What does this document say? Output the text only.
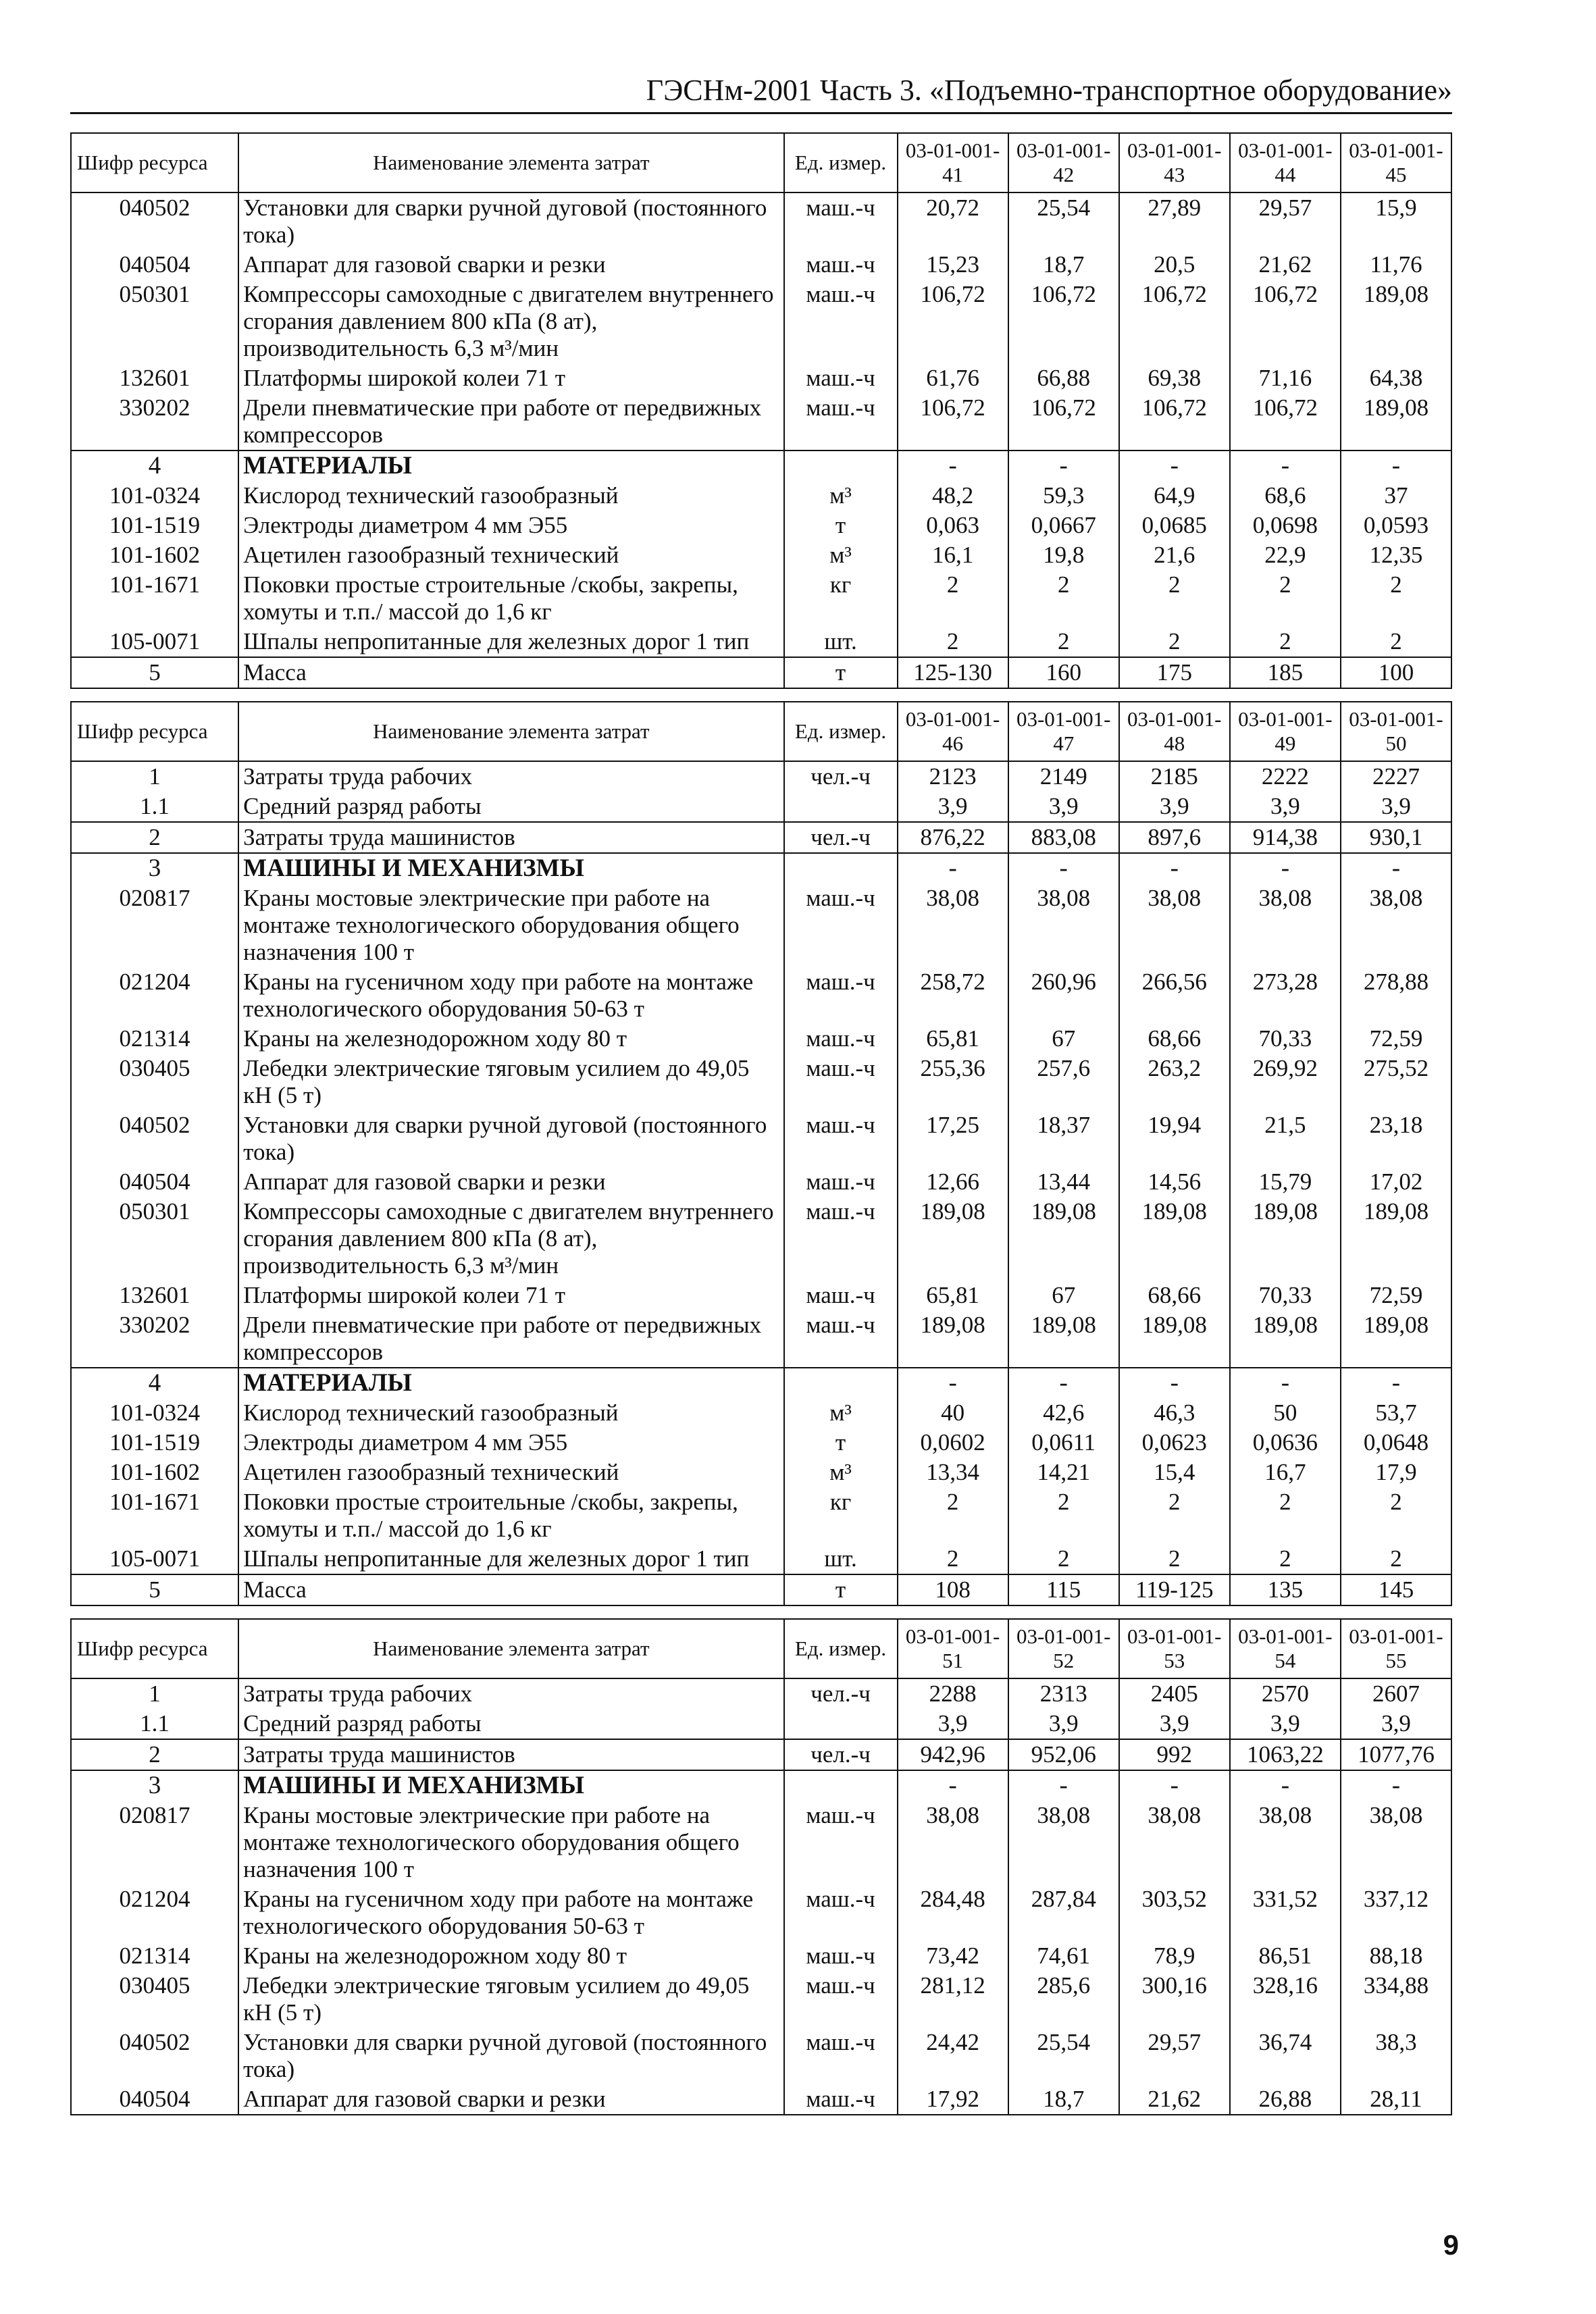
ГЭСНм-2001 Часть 3. «Подъемно-транспортное оборудование»
Шифр ресурса	Наименование элемента затрат	Ед. измер.	03-01-001-41	03-01-001-42	03-01-001-43	03-01-001-44	03-01-001-45
040502	Установки для сварки ручной дуговой (постоянного тока)	маш.-ч	20,72	25,54	27,89	29,57	15,9
040504	Аппарат для газовой сварки и резки	маш.-ч	15,23	18,7	20,5	21,62	11,76
050301	Компрессоры самоходные с двигателем внутреннего сгорания давлением 800 кПа (8 ат), производительность 6,3 м³/мин	маш.-ч	106,72	106,72	106,72	106,72	189,08
132601	Платформы широкой колеи 71 т	маш.-ч	61,76	66,88	69,38	71,16	64,38
330202	Дрели пневматические при работе от передвижных компрессоров	маш.-ч	106,72	106,72	106,72	106,72	189,08
4	МАТЕРИАЛЫ		-	-	-	-	-
101-0324	Кислород технический газообразный	м³	48,2	59,3	64,9	68,6	37
101-1519	Электроды диаметром 4 мм Э55	т	0,063	0,0667	0,0685	0,0698	0,0593
101-1602	Ацетилен газообразный технический	м³	16,1	19,8	21,6	22,9	12,35
101-1671	Поковки простые строительные /скобы, закрепы, хомуты и т.п./ массой до 1,6 кг	кг	2	2	2	2	2
105-0071	Шпалы непропитанные для железных дорог 1 тип	шт.	2	2	2	2	2
5	Масса	т	125-130	160	175	185	100
Шифр ресурса	Наименование элемента затрат	Ед. измер.	03-01-001-46	03-01-001-47	03-01-001-48	03-01-001-49	03-01-001-50
1	Затраты труда рабочих	чел.-ч	2123	2149	2185	2222	2227
1.1	Средний разряд работы		3,9	3,9	3,9	3,9	3,9
2	Затраты труда машинистов	чел.-ч	876,22	883,08	897,6	914,38	930,1
3	МАШИНЫ И МЕХАНИЗМЫ		-	-	-	-	-
020817	Краны мостовые электрические при работе на монтаже технологического оборудования общего назначения 100 т	маш.-ч	38,08	38,08	38,08	38,08	38,08
021204	Краны на гусеничном ходу при работе на монтаже технологического оборудования 50-63 т	маш.-ч	258,72	260,96	266,56	273,28	278,88
021314	Краны на железнодорожном ходу 80 т	маш.-ч	65,81	67	68,66	70,33	72,59
030405	Лебедки электрические тяговым усилием до 49,05 кН (5 т)	маш.-ч	255,36	257,6	263,2	269,92	275,52
040502	Установки для сварки ручной дуговой (постоянного тока)	маш.-ч	17,25	18,37	19,94	21,5	23,18
040504	Аппарат для газовой сварки и резки	маш.-ч	12,66	13,44	14,56	15,79	17,02
050301	Компрессоры самоходные с двигателем внутреннего сгорания давлением 800 кПа (8 ат), производительность 6,3 м³/мин	маш.-ч	189,08	189,08	189,08	189,08	189,08
132601	Платформы широкой колеи 71 т	маш.-ч	65,81	67	68,66	70,33	72,59
330202	Дрели пневматические при работе от передвижных компрессоров	маш.-ч	189,08	189,08	189,08	189,08	189,08
4	МАТЕРИАЛЫ		-	-	-	-	-
101-0324	Кислород технический газообразный	м³	40	42,6	46,3	50	53,7
101-1519	Электроды диаметром 4 мм Э55	т	0,0602	0,0611	0,0623	0,0636	0,0648
101-1602	Ацетилен газообразный технический	м³	13,34	14,21	15,4	16,7	17,9
101-1671	Поковки простые строительные /скобы, закрепы, хомуты и т.п./ массой до 1,6 кг	кг	2	2	2	2	2
105-0071	Шпалы непропитанные для железных дорог 1 тип	шт.	2	2	2	2	2
5	Масса	т	108	115	119-125	135	145
Шифр ресурса	Наименование элемента затрат	Ед. измер.	03-01-001-51	03-01-001-52	03-01-001-53	03-01-001-54	03-01-001-55
1	Затраты труда рабочих	чел.-ч	2288	2313	2405	2570	2607
1.1	Средний разряд работы		3,9	3,9	3,9	3,9	3,9
2	Затраты труда машинистов	чел.-ч	942,96	952,06	992	1063,22	1077,76
3	МАШИНЫ И МЕХАНИЗМЫ		-	-	-	-	-
020817	Краны мостовые электрические при работе на монтаже технологического оборудования общего назначения 100 т	маш.-ч	38,08	38,08	38,08	38,08	38,08
021204	Краны на гусеничном ходу при работе на монтаже технологического оборудования 50-63 т	маш.-ч	284,48	287,84	303,52	331,52	337,12
021314	Краны на железнодорожном ходу 80 т	маш.-ч	73,42	74,61	78,9	86,51	88,18
030405	Лебедки электрические тяговым усилием до 49,05 кН (5 т)	маш.-ч	281,12	285,6	300,16	328,16	334,88
040502	Установки для сварки ручной дуговой (постоянного тока)	маш.-ч	24,42	25,54	29,57	36,74	38,3
040504	Аппарат для газовой сварки и резки	маш.-ч	17,92	18,7	21,62	26,88	28,11
9
